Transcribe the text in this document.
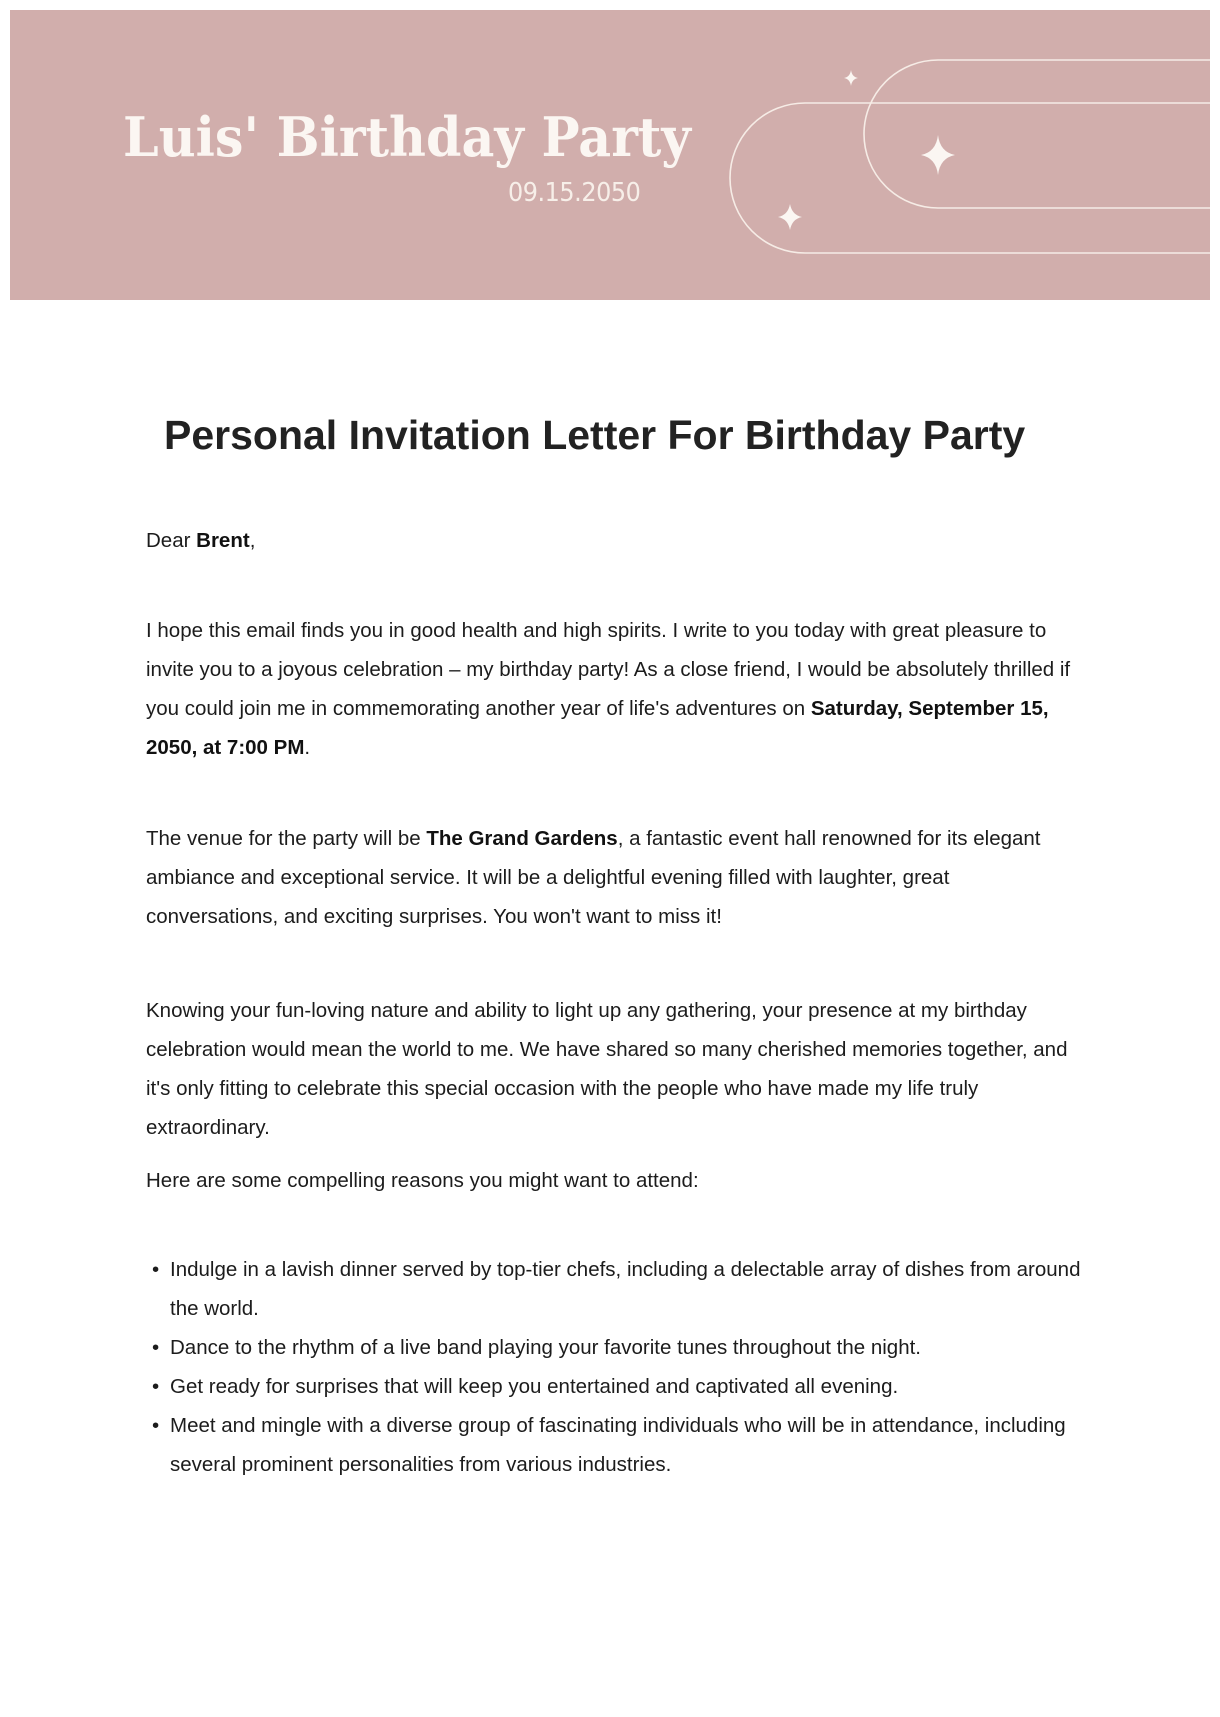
Luis' Birthday Party
09.15.2050
Personal Invitation Letter For Birthday Party

Dear Brent,

I hope this email finds you in good health and high spirits. I write to you today with great pleasure to invite you to a joyous celebration – my birthday party! As a close friend, I would be absolutely thrilled if you could join me in commemorating another year of life's adventures on Saturday, September 15, 2050, at 7:00 PM.

The venue for the party will be The Grand Gardens, a fantastic event hall renowned for its elegant ambiance and exceptional service. It will be a delightful evening filled with laughter, great conversations, and exciting surprises. You won't want to miss it!

Knowing your fun-loving nature and ability to light up any gathering, your presence at my birthday celebration would mean the world to me. We have shared so many cherished memories together, and it's only fitting to celebrate this special occasion with the people who have made my life truly extraordinary.

Here are some compelling reasons you might want to attend:

• Indulge in a lavish dinner served by top-tier chefs, including a delectable array of dishes from around the world.
• Dance to the rhythm of a live band playing your favorite tunes throughout the night.
• Get ready for surprises that will keep you entertained and captivated all evening.
• Meet and mingle with a diverse group of fascinating individuals who will be in attendance, including several prominent personalities from various industries.
